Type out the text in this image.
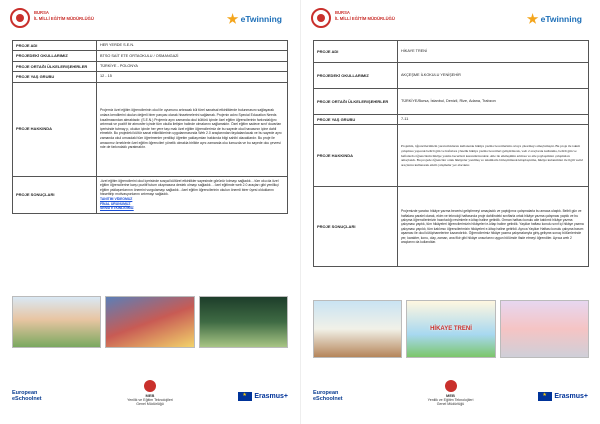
BURSA
İL MİLLİ EĞİTİM MÜDÜRLÜĞÜ	eTwinning
PROJE ADI	HER YERDE S.E.N.
PROJEDEKİ OKULLARIMIZ	BTSO SAİT ETE ORTAOKULU / OSMANGAZİ
PROJE ORTAĞI ÜLKELER/ŞEHİRLER	TÜRKİYE - POLONYA
PROJE YAŞ GRUBU	12 - 15
PROJE HAKKINDA	Projemiz özel eğitim öğrencilerinin okul ile uyumunu artıracak kül türel sanatsal etkinliklerde bulunmasını sağlayarak onlara kendilerini okulun değerli birer parçası olarak hissetmelerini sağlamak. Projenin adını Special Education Needs kısaltmasından almaktadır. (S.E.N.) Projemiz aynı zamanda okul kültürü içinde özel eğitim öğrencilerinin farkındalığını artırmak ve pozitif bir atmosfer içinde tüm okulla iletişim halinde olmalarını sağlamaktır. Özel eğitim sadece sınıf duvarları içerisinde tutmay p, okulun içinde her yere taşı mak özel eğitim öğrencilerimiz de bu sayede okul havasının içine dahil etmektir. Bu projedeki kültür sanat etkinliklerinin uygulanmasında Web 2.0 araçlarından faydalanılacak ve bu sayede aynı zamanda okul umusdaki tüm öğretmenler yenilikçi öğretim yaklaşımları hakkında bilgi sahibi olacaklardır. Bu proje ile amacımız örneklerle özel eğitim öğrencileri yönelik olmakla birlikte aynı zamanda oku lumuzda ve bu sayede oku çevresi nde de farkındalık yaratmaktır.
PROJE SONUÇLARI	-özel eğitim öğrencilerini okul içerisinde sosyal kültürel etkinlikler sayesinde görünür kılmayı sağladık. - tüm oku da özel eğitim öğrencilerine karşı pozitif tutum oluşmasına destek olmayı sağladık. - özel eğitimde web 2.0 araçları gibi yenilikçi eğitim yaklaşımlarının önemini vurgulamayı sağladık. -özel eğitim öğrencilerinin okulun önemli birer üyesi olduklarını hissettirip motivasyonlarını artırmayı sağladık.
TANITIM VİDEOMUZ
FİNAL ÜRÜNÜMÜZ
SENSİ ETKİNLİĞİMİZ
European
eSchoolnet
MEB
Yenilik ve Eğitim Teknolojileri
Genel Müdürlüğü
★
Erasmus+
BURSA
İL MİLLİ EĞİTİM MÜDÜRLÜĞÜ	eTwinning
PROJE ADI	HİKAYE TRENİ
PROJEDEKİ OKULLARIMIZ	AKÇEŞME İLKOKULU YENİŞEHİR
PROJE ORTAĞI ÜLKELER/ŞEHİRLER	TÜRKİYE/Bursa, İstanbul, Denizli, Rize, Adana, Trabzon
PROJE YAŞ GRUBU	7-11
PROJE HAKKINDA	Projemiz, öğrencilerimizin yaratıcılıklarını kullanarak hikâye yazma becerilerinin ortaya çıkarmayı amaçlamıştır. Bu proje ile takım çalışması yapacak belirli gün ve haftalara yönelik hikâye yazma becerileri geliştirilecek, web 2 araçlarını kullanma, belirli gün ve haftalarda öğrencilerin hikâye yazma becerileri kazandırılacaktır. Aile ile etkileşimin artması ve aile paylaşımları çalışmaları amaçlandı. Bu projede öğrenciler ortak hikâyeler yazılmış ve takımlarla birleştirilerek kitaplaştırma, hikâye kulanımları ile ilgili web2 araçlarını kullanarak etkili çalışmalar yer alacaktır.
PROJE SONUÇLARI	Projemizde yaratıcı hikâye yazma becerisi geliştirmeyi amaçladık ve yaptığımız çalışmalarla bu amaca ulaştık. Belirli gün ve haftalara paralel olarak, ekim ve teknoloji haftasında proje dahilindeki sınıflarla ortak hikâye yazma çalışması yaptık ve bu çalışma öğrencilerimizin hazırladığı resimlerle e-kitap haline getirdik. Orman haftası konulu aile katılımlı hikâye yazma çalışması yaptık, tüm hikâyeleri öğrencilerimizin hikâyeleri e-kitap haline getirdik. Yaşlılar haftası konulu sınıf içi hikâye yazma çalışması yapıldı, tüm katılımcı öğrencilerimizin hikâyeleri e-kitap haline getirildi. Ayrıca Yaşlılar Haftası konulu çalışma basım aşaması ile okul kütüphanelerine kazandırıldı. Öğrencilerimiz hikâye yazma çalışmalarıyla giriş-gelişme-sonuç bölümlerinde yer, karakter, konu, olay, zaman, ana fikir gibi hikâye unsurlarını uygun bölümde ifade etmeyi öğrendiler. Ayrıca web 2 araçlarını da kullandılar.
HİKAYE TRENİ
European
eSchoolnet
MEB
Yenilik ve Eğitim Teknolojileri
Genel Müdürlüğü
★
Erasmus+
